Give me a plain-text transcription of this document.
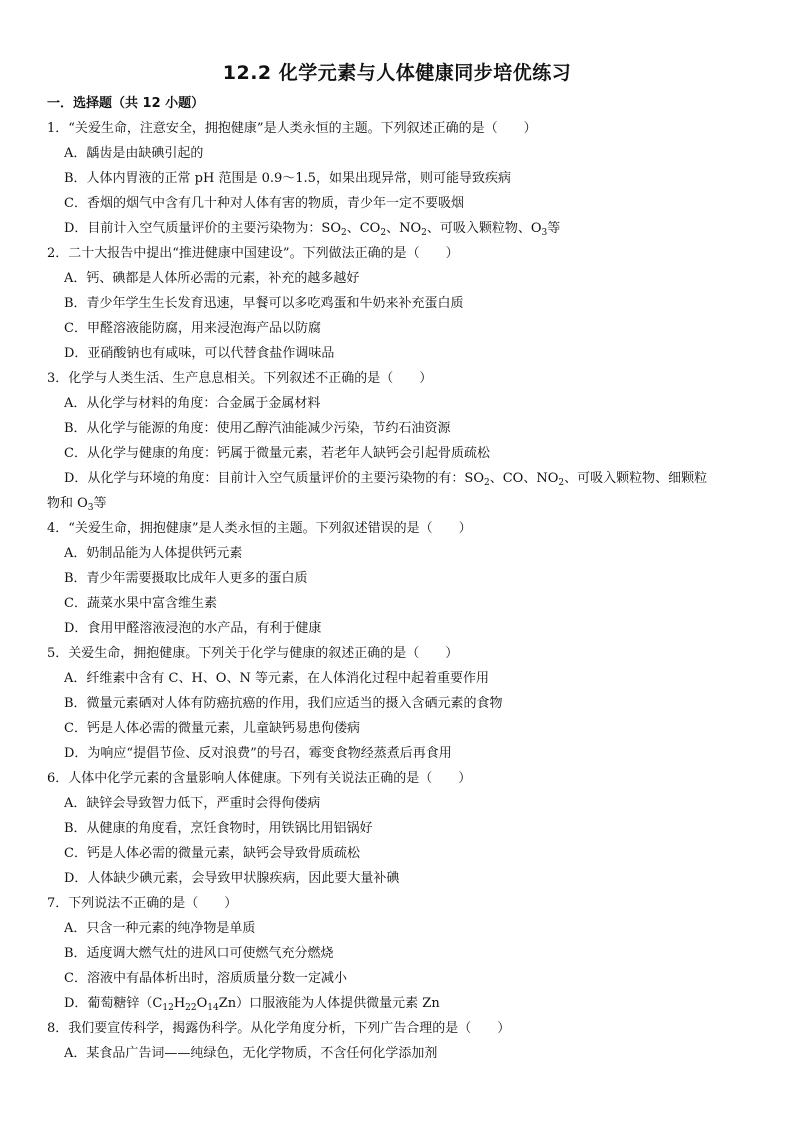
12.2 化学元素与人体健康同步培优练习
一．选择题（共 12 小题）
1．“关爱生命，注意安全，拥抱健康”是人类永恒的主题。下列叙述正确的是（　　）
A．龋齿是由缺碘引起的
B．人体内胃液的正常 pH 范围是 0.9～1.5，如果出现异常，则可能导致疾病
C．香烟的烟气中含有几十种对人体有害的物质，青少年一定不要吸烟
D．目前计入空气质量评价的主要污染物为：$SO_2$、$CO_2$、$NO_2$、可吸入颗粒物、$O_3$等
2．二十大报告中提出“推进健康中国建设”。下列做法正确的是（　　）
A．钙、碘都是人体所必需的元素，补充的越多越好
B．青少年学生生长发育迅速，早餐可以多吃鸡蛋和牛奶来补充蛋白质
C．甲醛溶液能防腐，用来浸泡海产品以防腐
D．亚硝酸钠也有咸味，可以代替食盐作调味品
3．化学与人类生活、生产息息相关。下列叙述不正确的是（　　）
A．从化学与材料的角度：合金属于金属材料
B．从化学与能源的角度：使用乙醇汽油能减少污染，节约石油资源
C．从化学与健康的角度：钙属于微量元素，若老年人缺钙会引起骨质疏松
D．从化学与环境的角度：目前计入空气质量评价的主要污染物的有：$SO_2$、CO、$NO_2$、可吸入颗粒物、细颗粒
物和 $O_3$等
4．“关爱生命，拥抱健康”是人类永恒的主题。下列叙述错误的是（　　）
A．奶制品能为人体提供钙元素
B．青少年需要摄取比成年人更多的蛋白质
C．蔬菜水果中富含维生素
D．食用甲醛溶液浸泡的水产品，有利于健康
5．关爱生命，拥抱健康。下列关于化学与健康的叙述正确的是（　　）
A．纤维素中含有 C、H、O、N 等元素，在人体消化过程中起着重要作用
B．微量元素硒对人体有防癌抗癌的作用，我们应适当的摄入含硒元素的食物
C．钙是人体必需的微量元素，儿童缺钙易患佝偻病
D．为响应“提倡节俭、反对浪费”的号召，霉变食物经蒸煮后再食用
6．人体中化学元素的含量影响人体健康。下列有关说法正确的是（　　）
A．缺锌会导致智力低下，严重时会得佝偻病
B．从健康的角度看，烹饪食物时，用铁锅比用铝锅好
C．钙是人体必需的微量元素，缺钙会导致骨质疏松
D．人体缺少碘元素，会导致甲状腺疾病，因此要大量补碘
7．下列说法不正确的是（　　）
A．只含一种元素的纯净物是单质
B．适度调大燃气灶的进风口可使燃气充分燃烧
C．溶液中有晶体析出时，溶质质量分数一定减小
D．葡萄糖锌$(C_{12}H_{22}O_{14}Zn)$口服液能为人体提供微量元素 Zn
8．我们要宣传科学，揭露伪科学。从化学角度分析，下列广告合理的是（　　）
A．某食品广告词——纯绿色，无化学物质，不含任何化学添加剂
